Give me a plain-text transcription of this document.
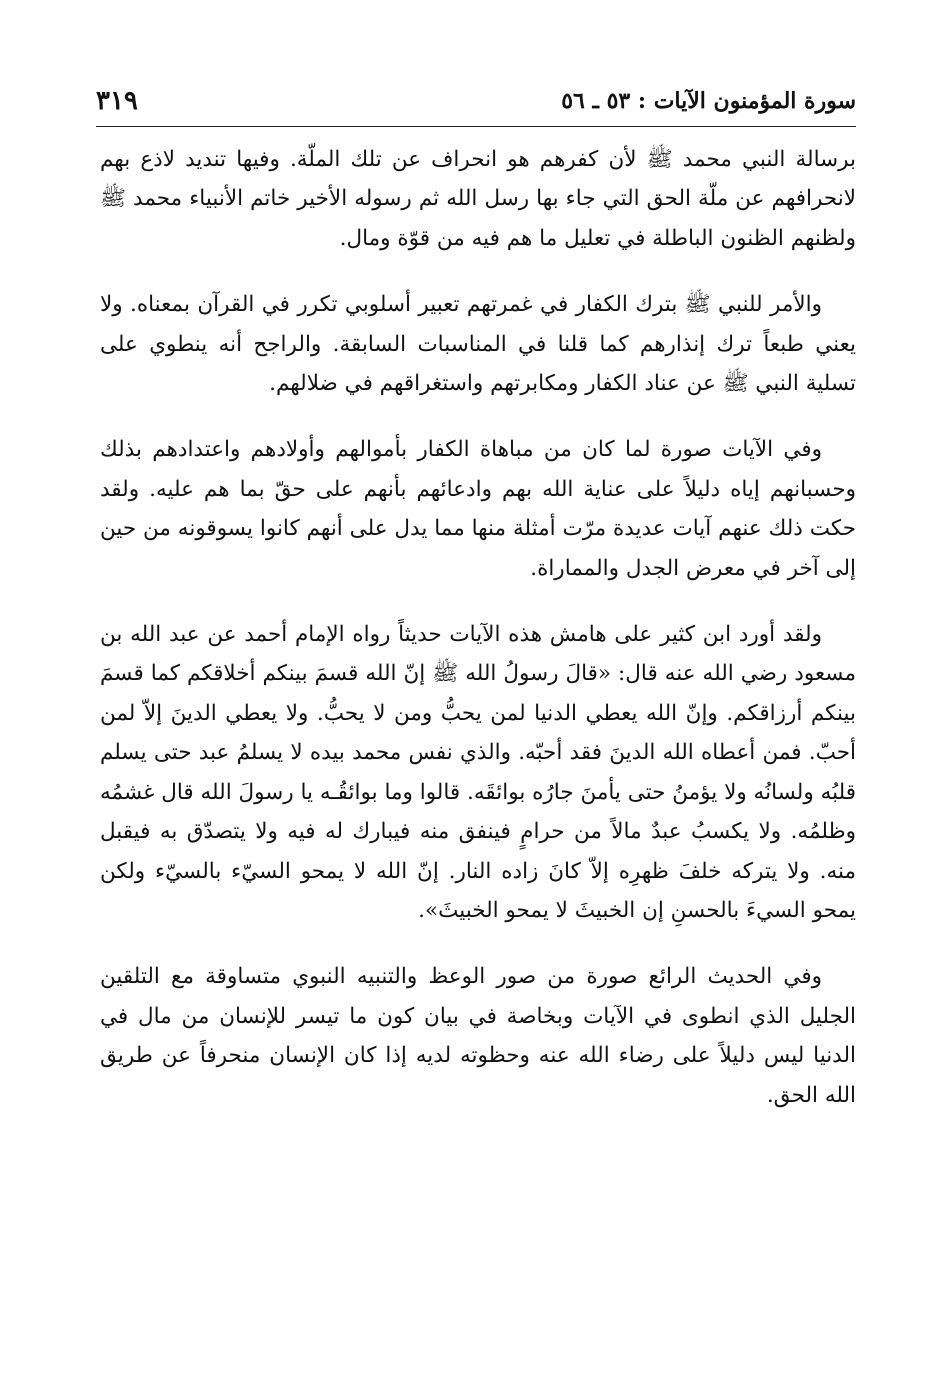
سورة المؤمنون الآيات : ٥٣ ـ ٥٦
٣١٩

برسالة النبي محمد ﷺ لأن كفرهم هو انحراف عن تلك الملّة. وفيها تنديد لاذع بهم لانحرافهم عن ملّة الحق التي جاء بها رسل الله ثم رسوله الأخير خاتم الأنبياء محمد ﷺ ولظنهم الظنون الباطلة في تعليل ما هم فيه من قوّة ومال.

والأمر للنبي ﷺ بترك الكفار في غمرتهم تعبير أسلوبي تكرر في القرآن بمعناه. ولا يعني طبعاً ترك إنذارهم كما قلنا في المناسبات السابقة. والراجح أنه ينطوي على تسلية النبي ﷺ عن عناد الكفار ومكابرتهم واستغراقهم في ضلالهم.

وفي الآيات صورة لما كان من مباهاة الكفار بأموالهم وأولادهم واعتدادهم بذلك وحسبانهم إياه دليلاً على عناية الله بهم وادعائهم بأنهم على حقّ بما هم عليه. ولقد حكت ذلك عنهم آيات عديدة مرّت أمثلة منها مما يدل على أنهم كانوا يسوقونه من حين إلى آخر في معرض الجدل والمماراة.

ولقد أورد ابن كثير على هامش هذه الآيات حديثاً رواه الإمام أحمد عن عبد الله بن مسعود رضي الله عنه قال: «قالَ رسولُ الله ﷺ إنّ الله قسمَ بينكم أخلاقكم كما قسمَ بينكم أرزاقكم. وإنّ الله يعطي الدنيا لمن يحبُّ ومن لا يحبُّ. ولا يعطي الدينَ إلاّ لمن أحبّ. فمن أعطاه الله الدينَ فقد أحبّه. والذي نفس محمد بيده لا يسلمُ عبد حتى يسلم قلبُه ولسانُه ولا يؤمنُ حتى يأمنَ جارُه بوائقَه. قالوا وما بوائقُـه يا رسولَ الله قال غشمُه وظلمُه. ولا يكسبُ عبدٌ مالاً من حرامٍ فينفق منه فيبارك له فيه ولا يتصدّق به فيقبل منه. ولا يتركه خلفَ ظهرِه إلاّ كانَ زاده النار. إنّ الله لا يمحو السيّء بالسيّء ولكن يمحو السيءَ بالحسنِ إن الخبيثَ لا يمحو الخبيثَ».

وفي الحديث الرائع صورة من صور الوعظ والتنبيه النبوي متساوقة مع التلقين الجليل الذي انطوى في الآيات وبخاصة في بيان كون ما تيسر للإنسان من مال في الدنيا ليس دليلاً على رضاء الله عنه وحظوته لديه إذا كان الإنسان منحرفاً عن طريق الله الحق.
